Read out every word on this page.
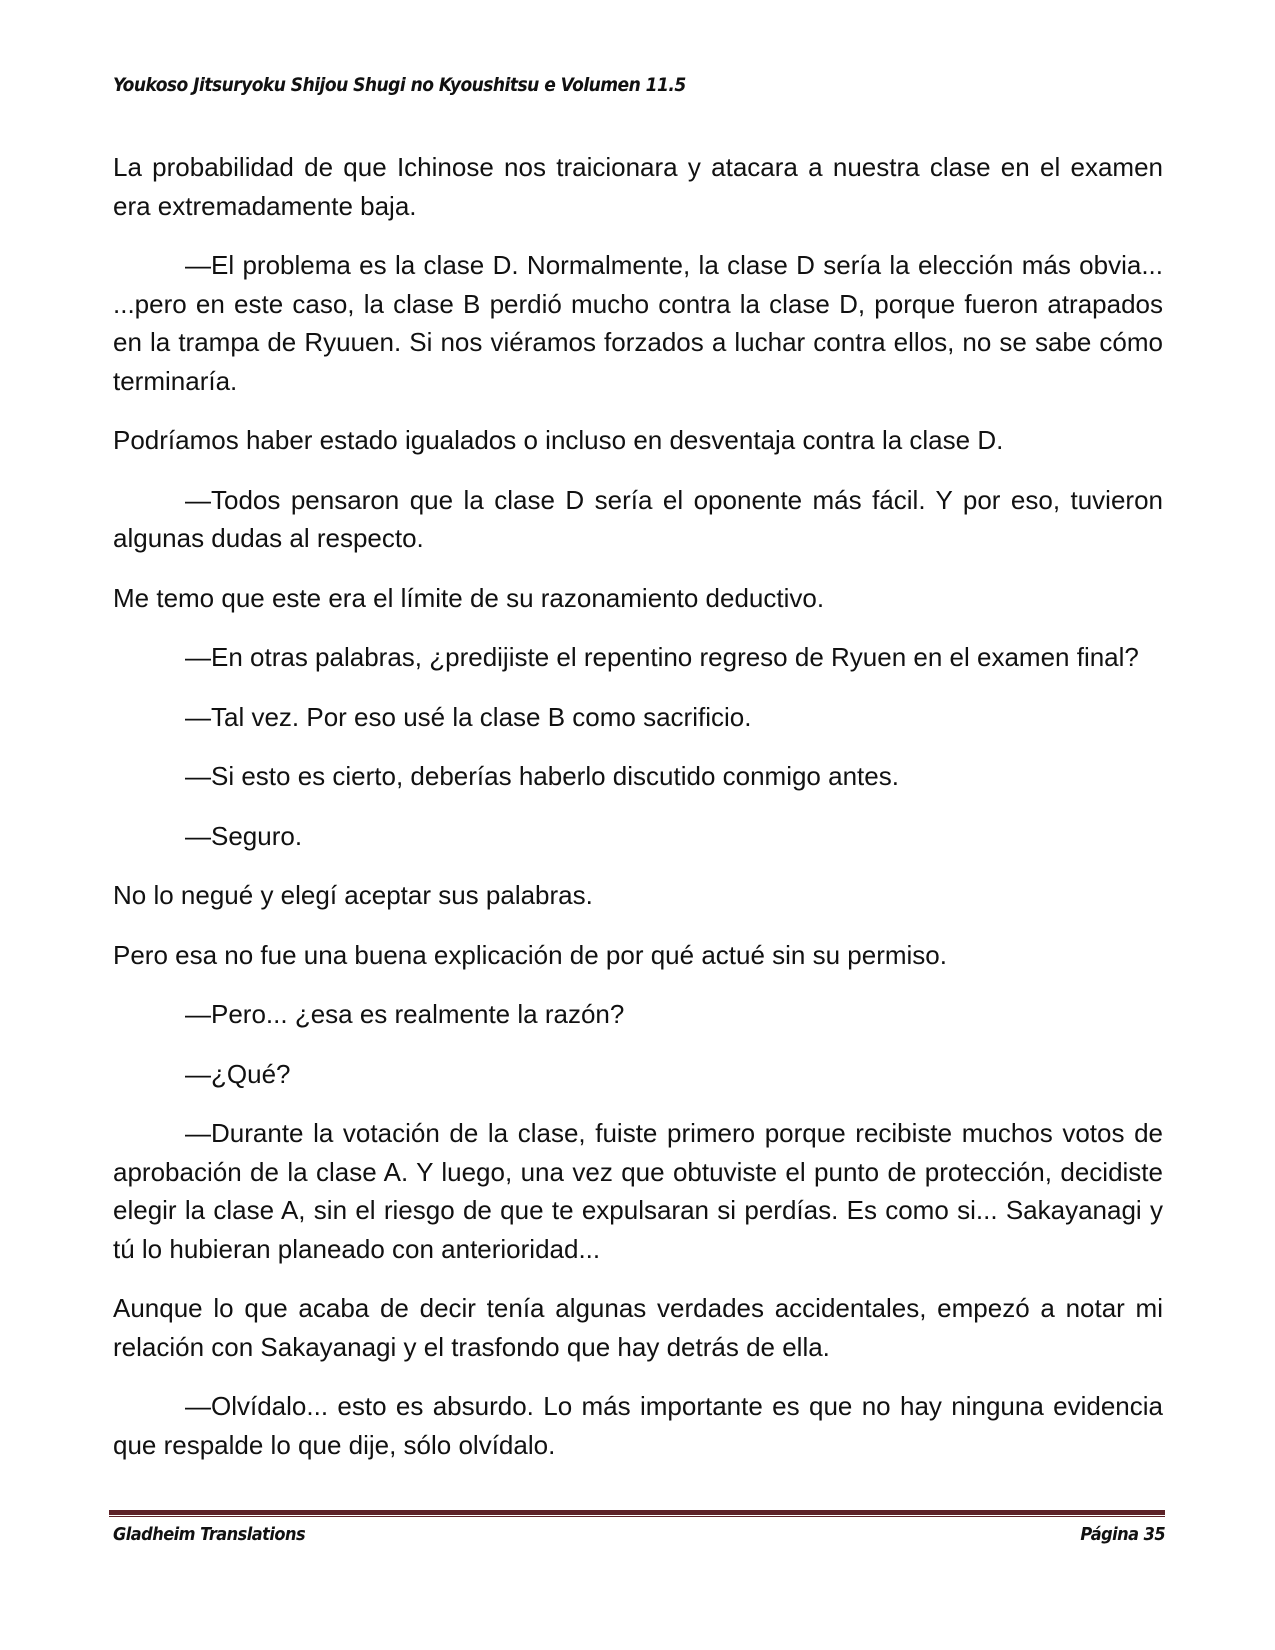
Youkoso Jitsuryoku Shijou Shugi no Kyoushitsu e Volumen 11.5

La probabilidad de que Ichinose nos traicionara y atacara a nuestra clase en el examen era extremadamente baja.

—El problema es la clase D. Normalmente, la clase D sería la elección más obvia... ...pero en este caso, la clase B perdió mucho contra la clase D, porque fueron atrapados en la trampa de Ryuuen. Si nos viéramos forzados a luchar contra ellos, no se sabe cómo terminaría.

Podríamos haber estado igualados o incluso en desventaja contra la clase D.

—Todos pensaron que la clase D sería el oponente más fácil. Y por eso, tuvieron algunas dudas al respecto.

Me temo que este era el límite de su razonamiento deductivo.

—En otras palabras, ¿predijiste el repentino regreso de Ryuen en el examen final?

—Tal vez. Por eso usé la clase B como sacrificio.

—Si esto es cierto, deberías haberlo discutido conmigo antes.

—Seguro.

No lo negué y elegí aceptar sus palabras.

Pero esa no fue una buena explicación de por qué actué sin su permiso.

—Pero... ¿esa es realmente la razón?

—¿Qué?

—Durante la votación de la clase, fuiste primero porque recibiste muchos votos de aprobación de la clase A. Y luego, una vez que obtuviste el punto de protección, decidiste elegir la clase A, sin el riesgo de que te expulsaran si perdías. Es como si... Sakayanagi y tú lo hubieran planeado con anterioridad...

Aunque lo que acaba de decir tenía algunas verdades accidentales, empezó a notar mi relación con Sakayanagi y el trasfondo que hay detrás de ella.

—Olvídalo... esto es absurdo. Lo más importante es que no hay ninguna evidencia que respalde lo que dije, sólo olvídalo.

Gladheim Translations	Página 35
